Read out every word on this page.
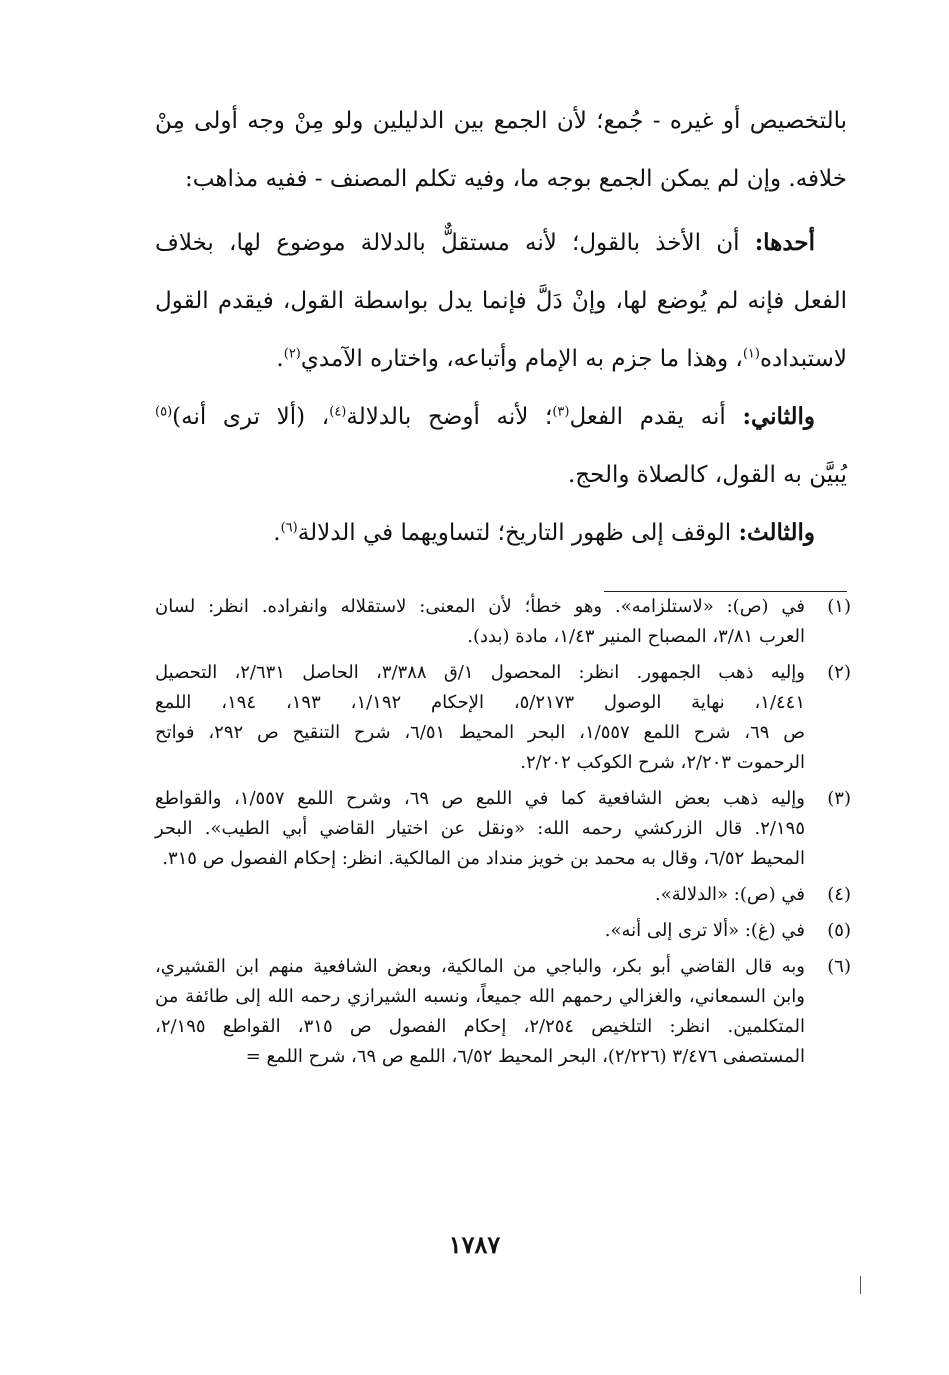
بالتخصيص أو غيره - جُمع؛ لأن الجمع بين الدليلين ولو مِنْ وجه أولى مِنْ
خلافه. وإن لم يمكن الجمع بوجه ما، وفيه تكلم المصنف - ففيه مذاهب:
أحدها: أن الأخذ بالقول؛ لأنه مستقلٌّ بالدلالة موضوع لها، بخلاف
الفعل فإنه لم يُوضع لها، وإنْ دَلَّ فإنما يدل بواسطة القول، فيقدم القول
لاستبداده$^{(١)}$، وهذا ما جزم به الإمام وأتباعه، واختاره الآمدي$^{(٢)}$.
والثاني: أنه يقدم الفعل$^{(٣)}$؛ لأنه أوضح بالدلالة$^{(٤)}$، (ألا ترى أنه)$^{(٥)}$
يُبيَّن به القول، كالصلاة والحج.
والثالث: الوقف إلى ظهور التاريخ؛ لتساويهما في الدلالة$^{(٦)}$.
(١)
في (ص): «لاستلزامه». وهو خطأ؛ لأن المعنى: لاستقلاله وانفراده. انظر: لسان
العرب ٣/٨١، المصباح المنير ١/٤٣، مادة (بدد).
(٢)
وإليه ذهب الجمهور. انظر: المحصول ١/ق ٣/٣٨٨، الحاصل ٢/٦٣١، التحصيل
١/٤٤١، نهاية الوصول ٥/٢١٧٣، الإحكام ١/١٩٢، ١٩٣، ١٩٤، اللمع
ص ٦٩، شرح اللمع ١/٥٥٧، البحر المحيط ٦/٥١، شرح التنقيح ص ٢٩٢، فواتح
الرحموت ٢/٢٠٣، شرح الكوكب ٢/٢٠٢.
(٣)
وإليه ذهب بعض الشافعية كما في اللمع ص ٦٩، وشرح اللمع ١/٥٥٧، والقواطع
٢/١٩٥. قال الزركشي رحمه الله: «ونقل عن اختيار القاضي أبي الطيب». البحر
المحيط ٦/٥٢، وقال به محمد بن خويز منداد من المالكية. انظر: إحكام الفصول ص ٣١٥.
(٤)
في (ص): «الدلالة».
(٥)
في (غ): «ألا ترى إلى أنه».
(٦)
وبه قال القاضي أبو بكر، والباجي من المالكية، وبعض الشافعية منهم ابن القشيري،
وابن السمعاني، والغزالي رحمهم الله جميعاً، ونسبه الشيرازي رحمه الله إلى طائفة من
المتكلمين. انظر: التلخيص ٢/٢٥٤، إحكام الفصول ص ٣١٥، القواطع ٢/١٩٥،
المستصفى ٣/٤٧٦ (٢/٢٢٦)، البحر المحيط ٦/٥٢، اللمع ص ٦٩، شرح اللمع =
١٧٨٧
